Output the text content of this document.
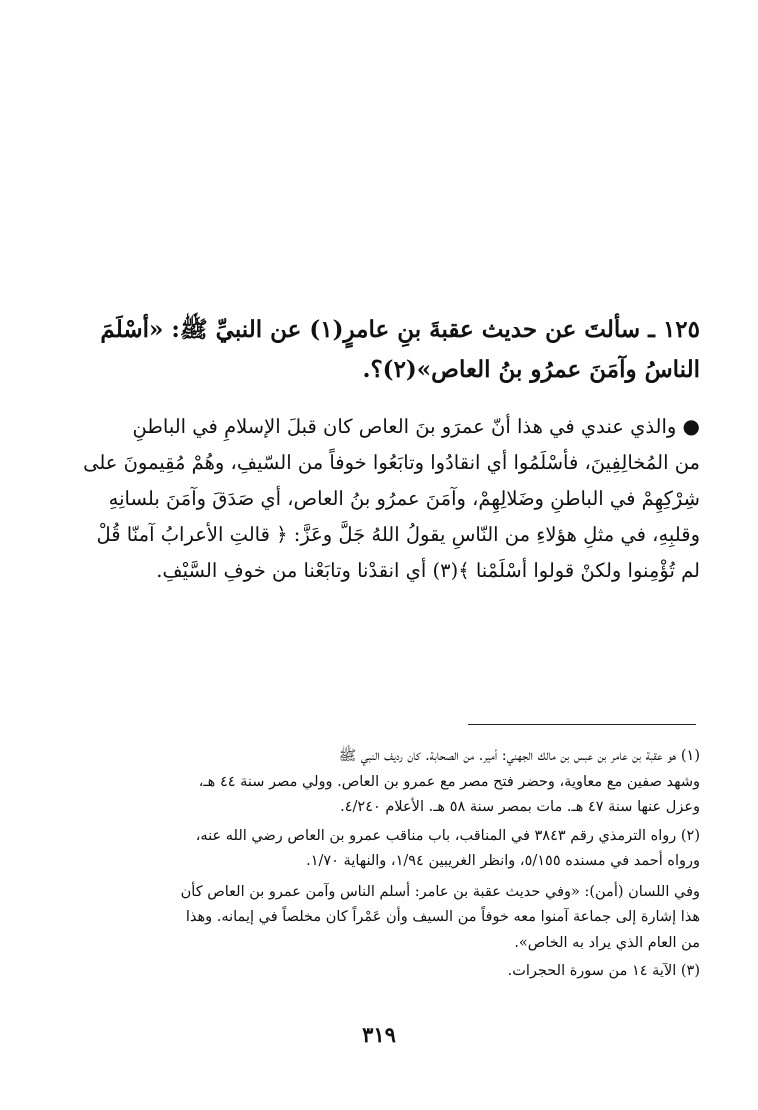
١٢٥ ـ سألتَ عن حديث عقبةَ بنِ عامرٍ(١) عن النبيِّ ﷺ: «أسْلَمَ
الناسُ وآمَنَ عمرُو بنُ العاص»(٢)؟.
● والذي عندي في هذا أنّ عمرَو بنَ العاص كان قبلَ الإسلامِ في الباطنِ
من المُخالِفِينَ، فأسْلَمُوا أي انقادُوا وتابَعُوا خوفاً من السّيفِ، وهُمْ مُقِيمونَ على
شِرْكِهِمْ في الباطنِ وضَلالِهِمْ، وآمَنَ عمرُو بنُ العاص، أي صَدَقَ وآمَنَ بلسانِهِ
وقلبِهِ، في مثلِ هؤلاءِ من النّاسِ يقولُ اللهُ جَلَّ وعَزَّ: ﴿ قالتِ الأعرابُ آمنّا قُلْ
لم تُؤْمِنوا ولكنْ قولوا أسْلَمْنا ﴾(٣) أي انقدْنا وتابَعْنا من خوفِ السَّيْفِ.
(١) هو عقبة بن عامر بن عبس بن مالك الجهني: أمير. من الصحابة. كان رديف النبي ﷺ
وشهد صفين مع معاوية، وحضر فتح مصر مع عمرو بن العاص. وولي مصر سنة ٤٤ هـ،
وعزل عنها سنة ٤٧ هـ. مات بمصر سنة ٥٨ هـ. الأعلام ٤/٢٤٠.
(٢) رواه الترمذي رقم ٣٨٤٣ في المناقب، باب مناقب عمرو بن العاص رضي الله عنه،
ورواه أحمد في مسنده ٥/١٥٥، وانظر الغريبين ١/٩٤، والنهاية ١/٧٠.
وفي اللسان (أمن): «وفي حديث عقبة بن عامر: أسلم الناس وآمن عمرو بن العاص كأن
هذا إشارة إلى جماعة آمنوا معه خوفاً من السيف وأن عَمْراً كان مخلصاً في إيمانه. وهذا
من العام الذي يراد به الخاص».
(٣) الآية ١٤ من سورة الحجرات.
٣١٩
